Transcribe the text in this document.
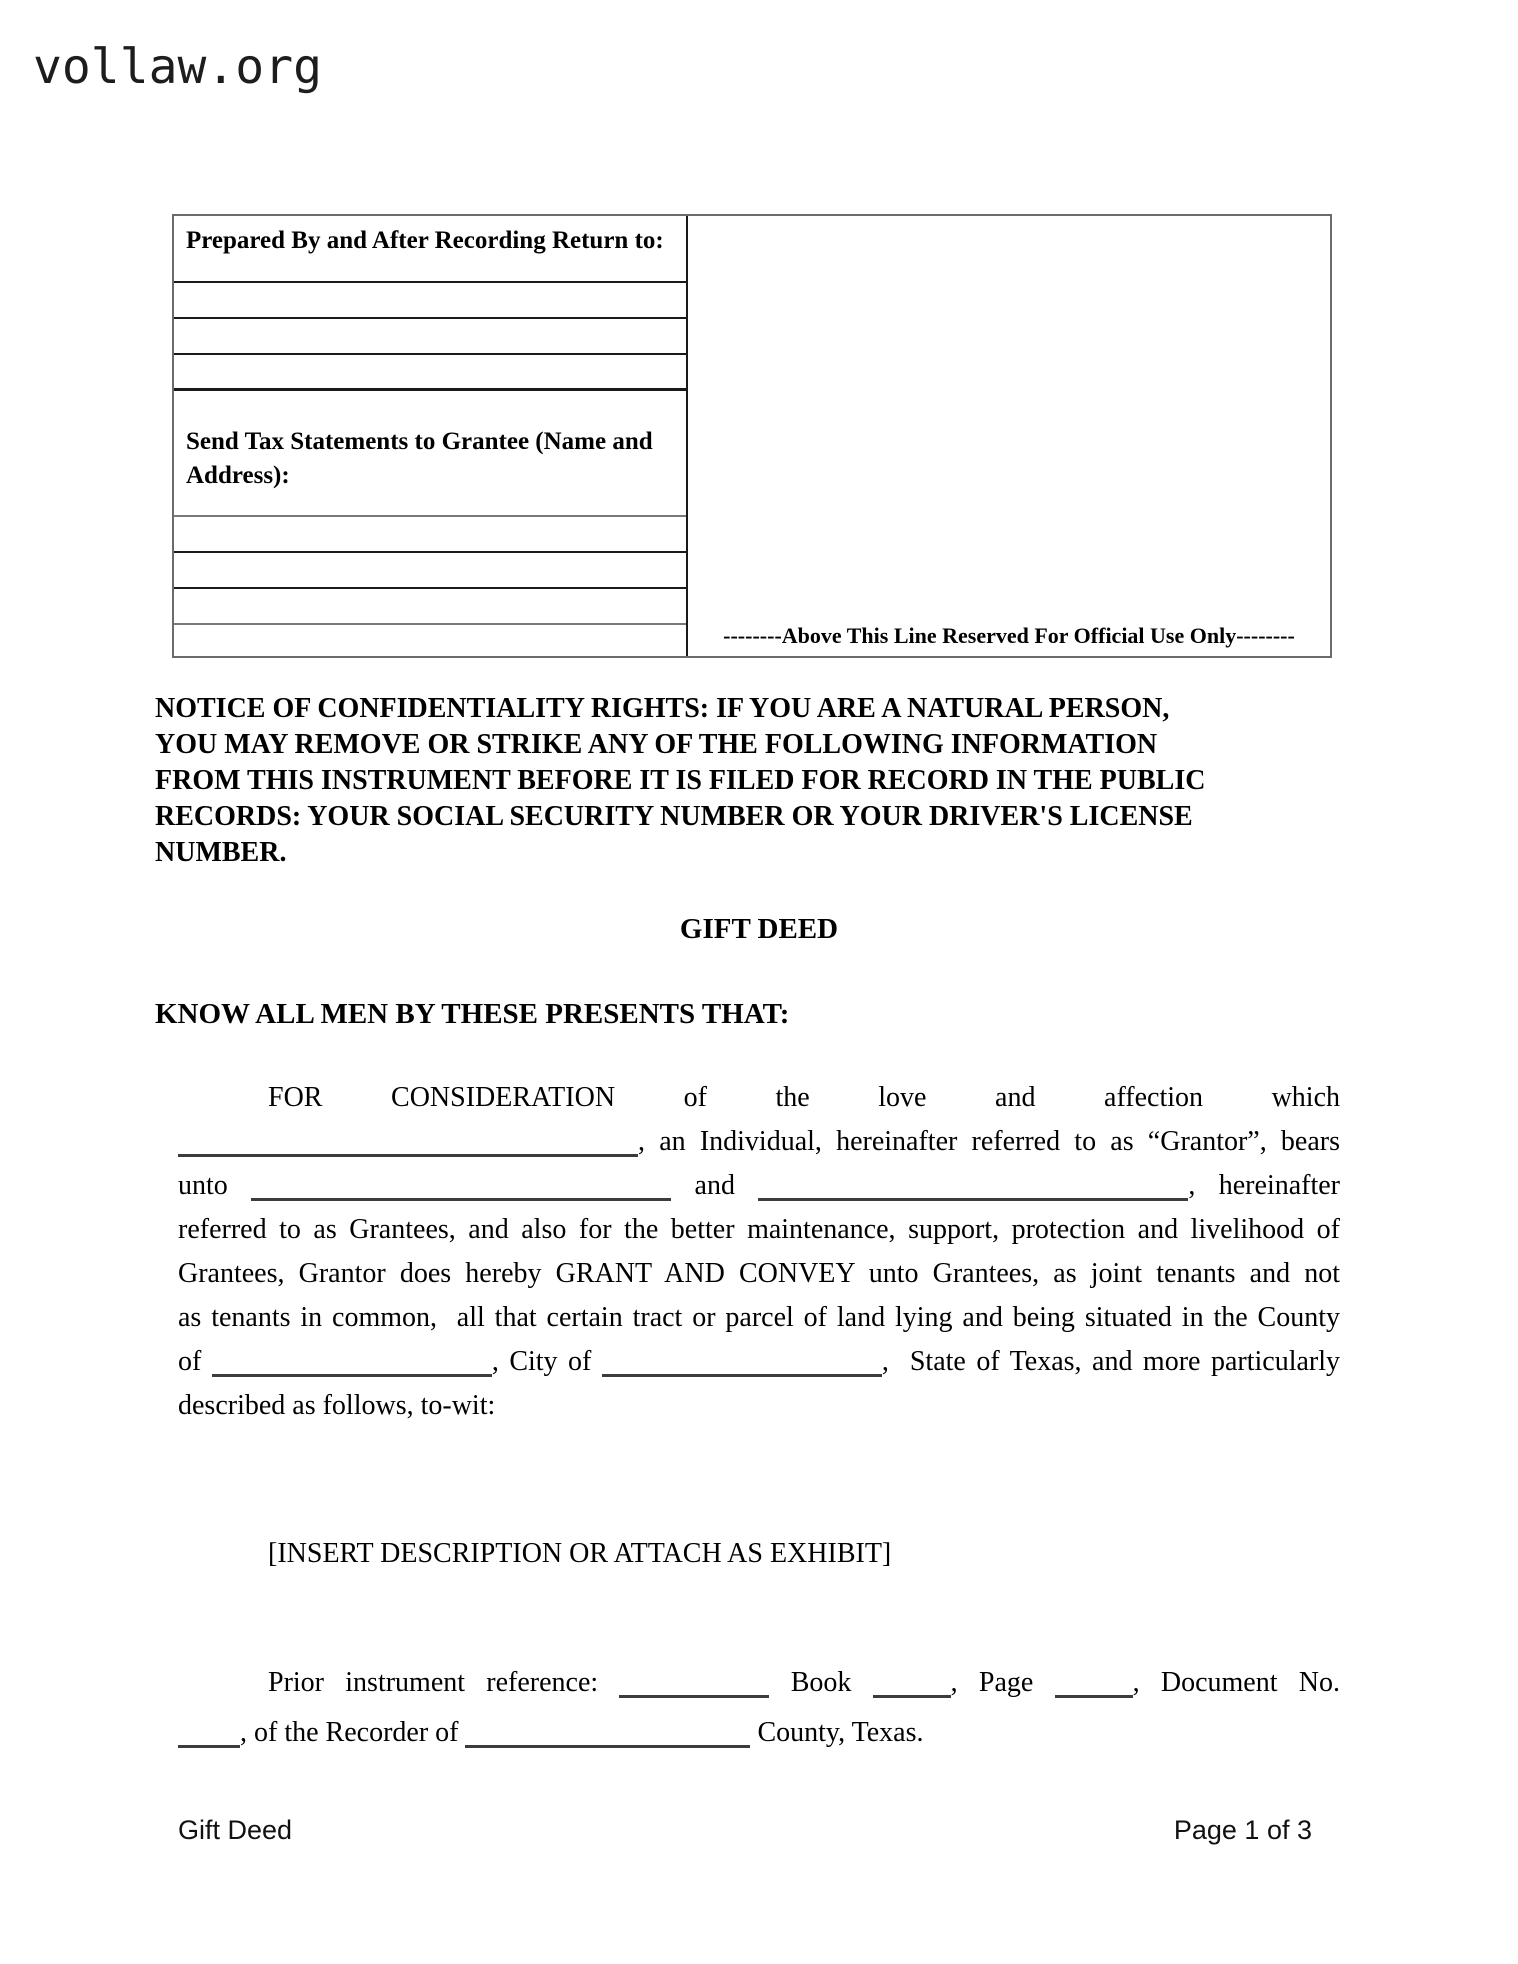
vollaw.org
Prepared By and After Recording Return to:
Send Tax Statements to Grantee (Name and Address):
--------Above This Line Reserved For Official Use Only--------
NOTICE OF CONFIDENTIALITY RIGHTS: IF YOU ARE A NATURAL PERSON,
YOU MAY REMOVE OR STRIKE ANY OF THE FOLLOWING INFORMATION
FROM THIS INSTRUMENT BEFORE IT IS FILED FOR RECORD IN THE PUBLIC
RECORDS: YOUR SOCIAL SECURITY NUMBER OR YOUR DRIVER'S LICENSE
NUMBER.
GIFT DEED
KNOW ALL MEN BY THESE PRESENTS THAT:
FOR CONSIDERATION of the love and affection which
, an Individual, hereinafter referred to as “Grantor”, bears
unto	and	, hereinafter
referred to as Grantees, and also for the better maintenance, support, protection and livelihood of
Grantees, Grantor does hereby GRANT AND CONVEY unto Grantees, as joint tenants and not
as tenants in common,  all that certain tract or parcel of land lying and being situated in the County
of	, City of	,  State of Texas, and more particularly
described as follows, to-wit:
[INSERT DESCRIPTION OR ATTACH AS EXHIBIT]
Prior instrument reference:	Book	, Page	, Document No.
, of the Recorder of	County, Texas.
Gift Deed	Page 1 of 3
